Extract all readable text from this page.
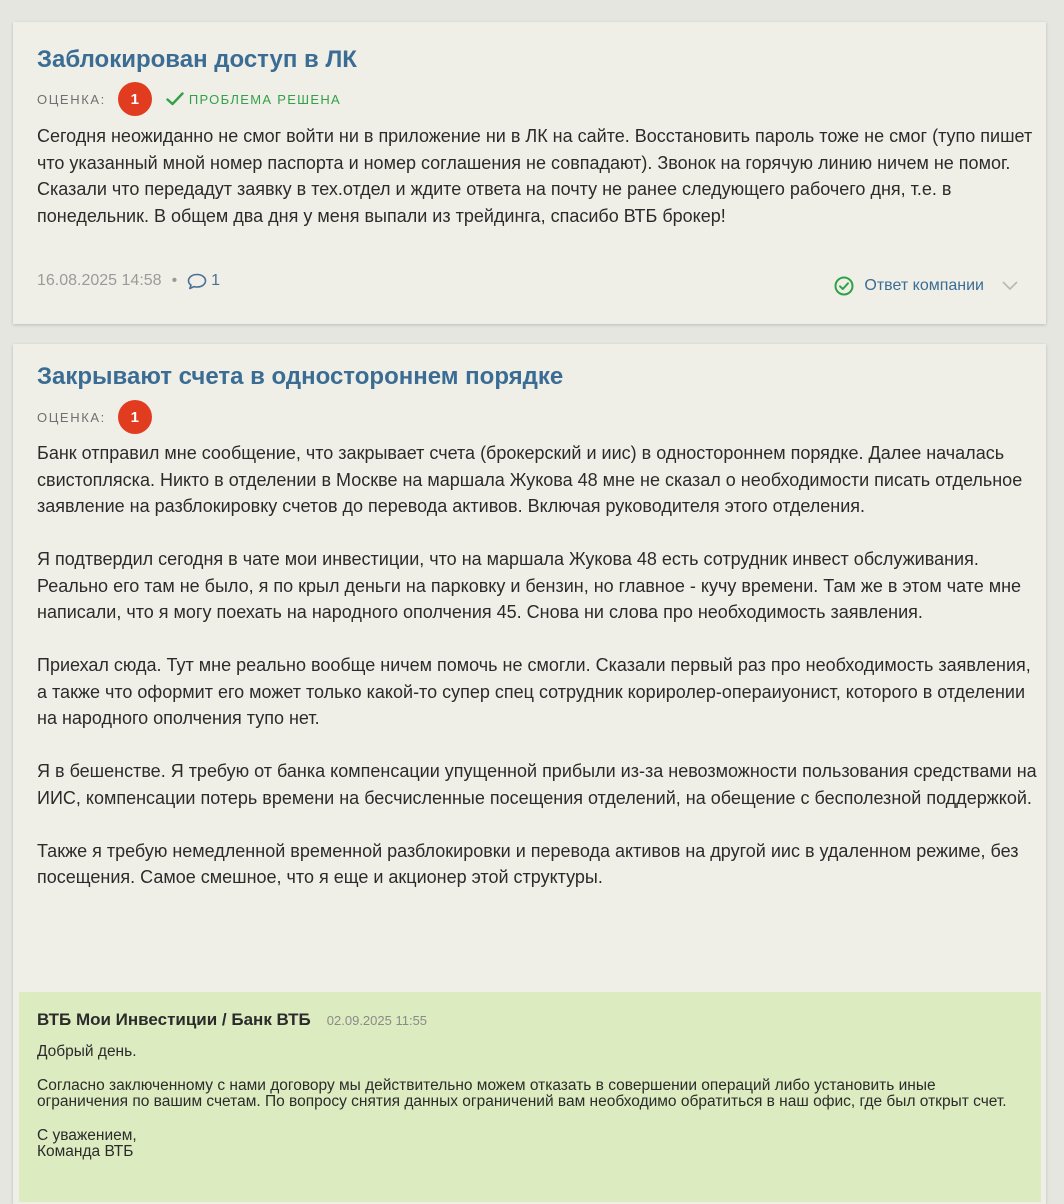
Заблокирован доступ в ЛК
ОЦЕНКА:	1	ПРОБЛЕМА РЕШЕНА

Сегодня неожиданно не смог войти ни в приложение ни в ЛК на сайте. Восстановить пароль тоже не смог (тупо пишет что указанный мной номер паспорта и номер соглашения не совпадают). Звонок на горячую линию ничем не помог. Сказали что передадут заявку в тех.отдел и ждите ответа на почту не ранее следующего рабочего дня, т.е. в понедельник. В общем два дня у меня выпали из трейдинга, спасибо ВТБ брокер!

16.08.2025 14:58 • 1	Ответ компании
Закрывают счета в одностороннем порядке
ОЦЕНКА:	1

Банк отправил мне сообщение, что закрывает счета (брокерский и иис) в одностороннем порядке. Далее началась свистопляска. Никто в отделении в Москве на маршала Жукова 48 мне не сказал о необходимости писать отдельное заявление на разблокировку счетов до перевода активов. Включая руководителя этого отделения.

Я подтвердил сегодня в чате мои инвестиции, что на маршала Жукова 48 есть сотрудник инвест обслуживания. Реально его там не было, я по крыл деньги на парковку и бензин, но главное - кучу времени. Там же в этом чате мне написали, что я могу поехать на народного ополчения 45. Снова ни слова про необходимость заявления.

Приехал сюда. Тут мне реально вообще ничем помочь не смогли. Сказали первый раз про необходимость заявления, а также что оформит его может только какой-то супер спец сотрудник кориролер-операиуонист, которого в отделении на народного ополчения тупо нет.

Я в бешенстве. Я требую от банка компенсации упущенной прибыли из-за невозможности пользования средствами на ИИС, компенсации потерь времени на бесчисленные посещения отделений, на обещение с бесполезной поддержкой.

Также я требую немедленной временной разблокировки и перевода активов на другой иис в удаленном режиме, без посещения. Самое смешное, что я еще и акционер этой структуры.

ВТБ Мои Инвестиции / Банк ВТБ 02.09.2025 11:55

Добрый день.

Согласно заключенному с нами договору мы действительно можем отказать в совершении операций либо установить иные ограничения по вашим счетам. По вопросу снятия данных ограничений вам необходимо обратиться в наш офис, где был открыт счет.

С уважением,
Команда ВТБ
